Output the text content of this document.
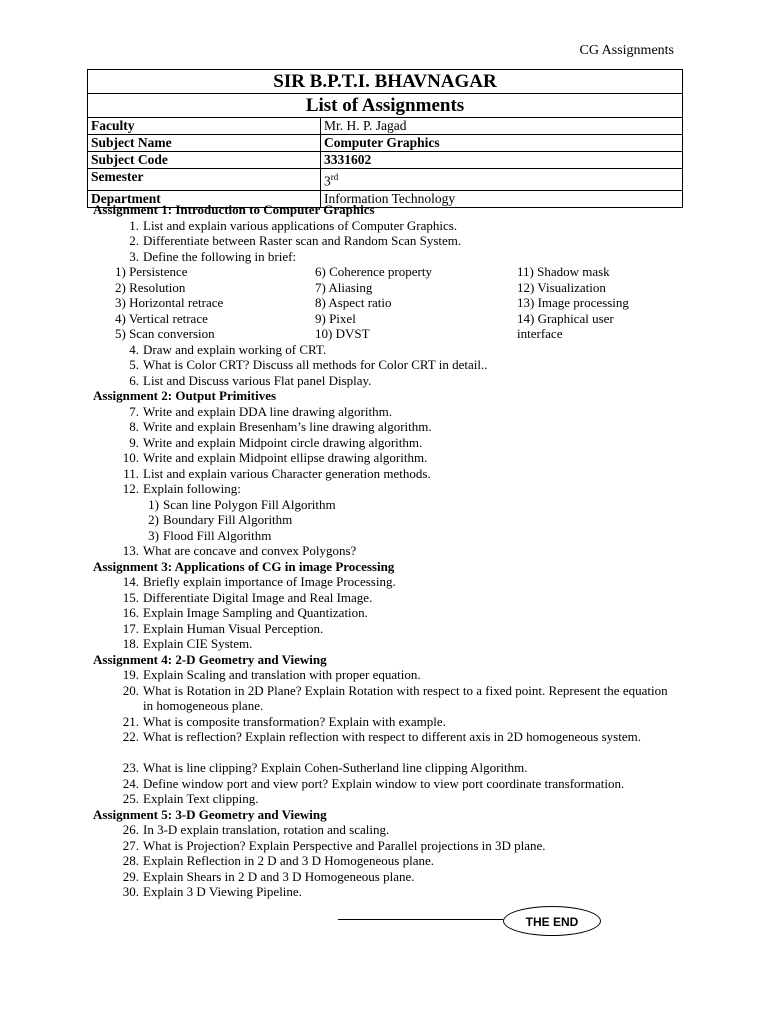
CG Assignments
SIR B.P.T.I. BHAVNAGAR	
List of Assignments	
Faculty	Mr. H. P. Jagad
Subject Name	Computer Graphics
Subject Code	3331602
Semester	3rd
Department	Information Technology
Assignment 1: Introduction to Computer Graphics
1. List and explain various applications of Computer Graphics.
2. Differentiate between Raster scan and Random Scan System.
3. Define the following in brief:
1) Persistence	6) Coherence property	11) Shadow mask
2) Resolution	7) Aliasing	12) Visualization
3) Horizontal retrace	8) Aspect ratio	13) Image processing
4) Vertical retrace	9) Pixel	14) Graphical user
5) Scan conversion	10) DVST	interface
4. Draw and explain working of CRT.
5. What is Color CRT? Discuss all methods for Color CRT in detail..
6. List and Discuss various Flat panel Display.
Assignment 2: Output Primitives
7. Write and explain DDA line drawing algorithm.
8. Write and explain Bresenham’s line drawing algorithm.
9. Write and explain Midpoint circle drawing algorithm.
10. Write and explain Midpoint ellipse drawing algorithm.
11. List and explain various Character generation methods.
12. Explain following:
1) Scan line Polygon Fill Algorithm
2) Boundary Fill Algorithm
3) Flood Fill Algorithm
13. What are concave and convex Polygons?
Assignment 3: Applications of CG in image Processing
14. Briefly explain importance of Image Processing.
15. Differentiate Digital Image and Real Image.
16. Explain Image Sampling and Quantization.
17. Explain Human Visual Perception.
18. Explain CIE System.
Assignment 4: 2-D Geometry and Viewing
19. Explain Scaling and translation with proper equation.
20. What is Rotation in 2D Plane? Explain Rotation with respect to a fixed point. Represent the equation in homogeneous plane.
21. What is composite transformation? Explain with example.
22. What is reflection? Explain reflection with respect to different axis in 2D homogeneous system.
23. What is line clipping? Explain Cohen-Sutherland line clipping Algorithm.
24. Define window port and view port? Explain window to view port coordinate transformation.
25. Explain Text clipping.
Assignment 5: 3-D Geometry and Viewing
26. In 3-D explain translation, rotation and scaling.
27. What is Projection? Explain Perspective and Parallel projections in 3D plane.
28. Explain Reflection in 2 D and 3 D Homogeneous plane.
29. Explain Shears in 2 D and 3 D Homogeneous plane.
30. Explain 3 D Viewing Pipeline.
THE END
